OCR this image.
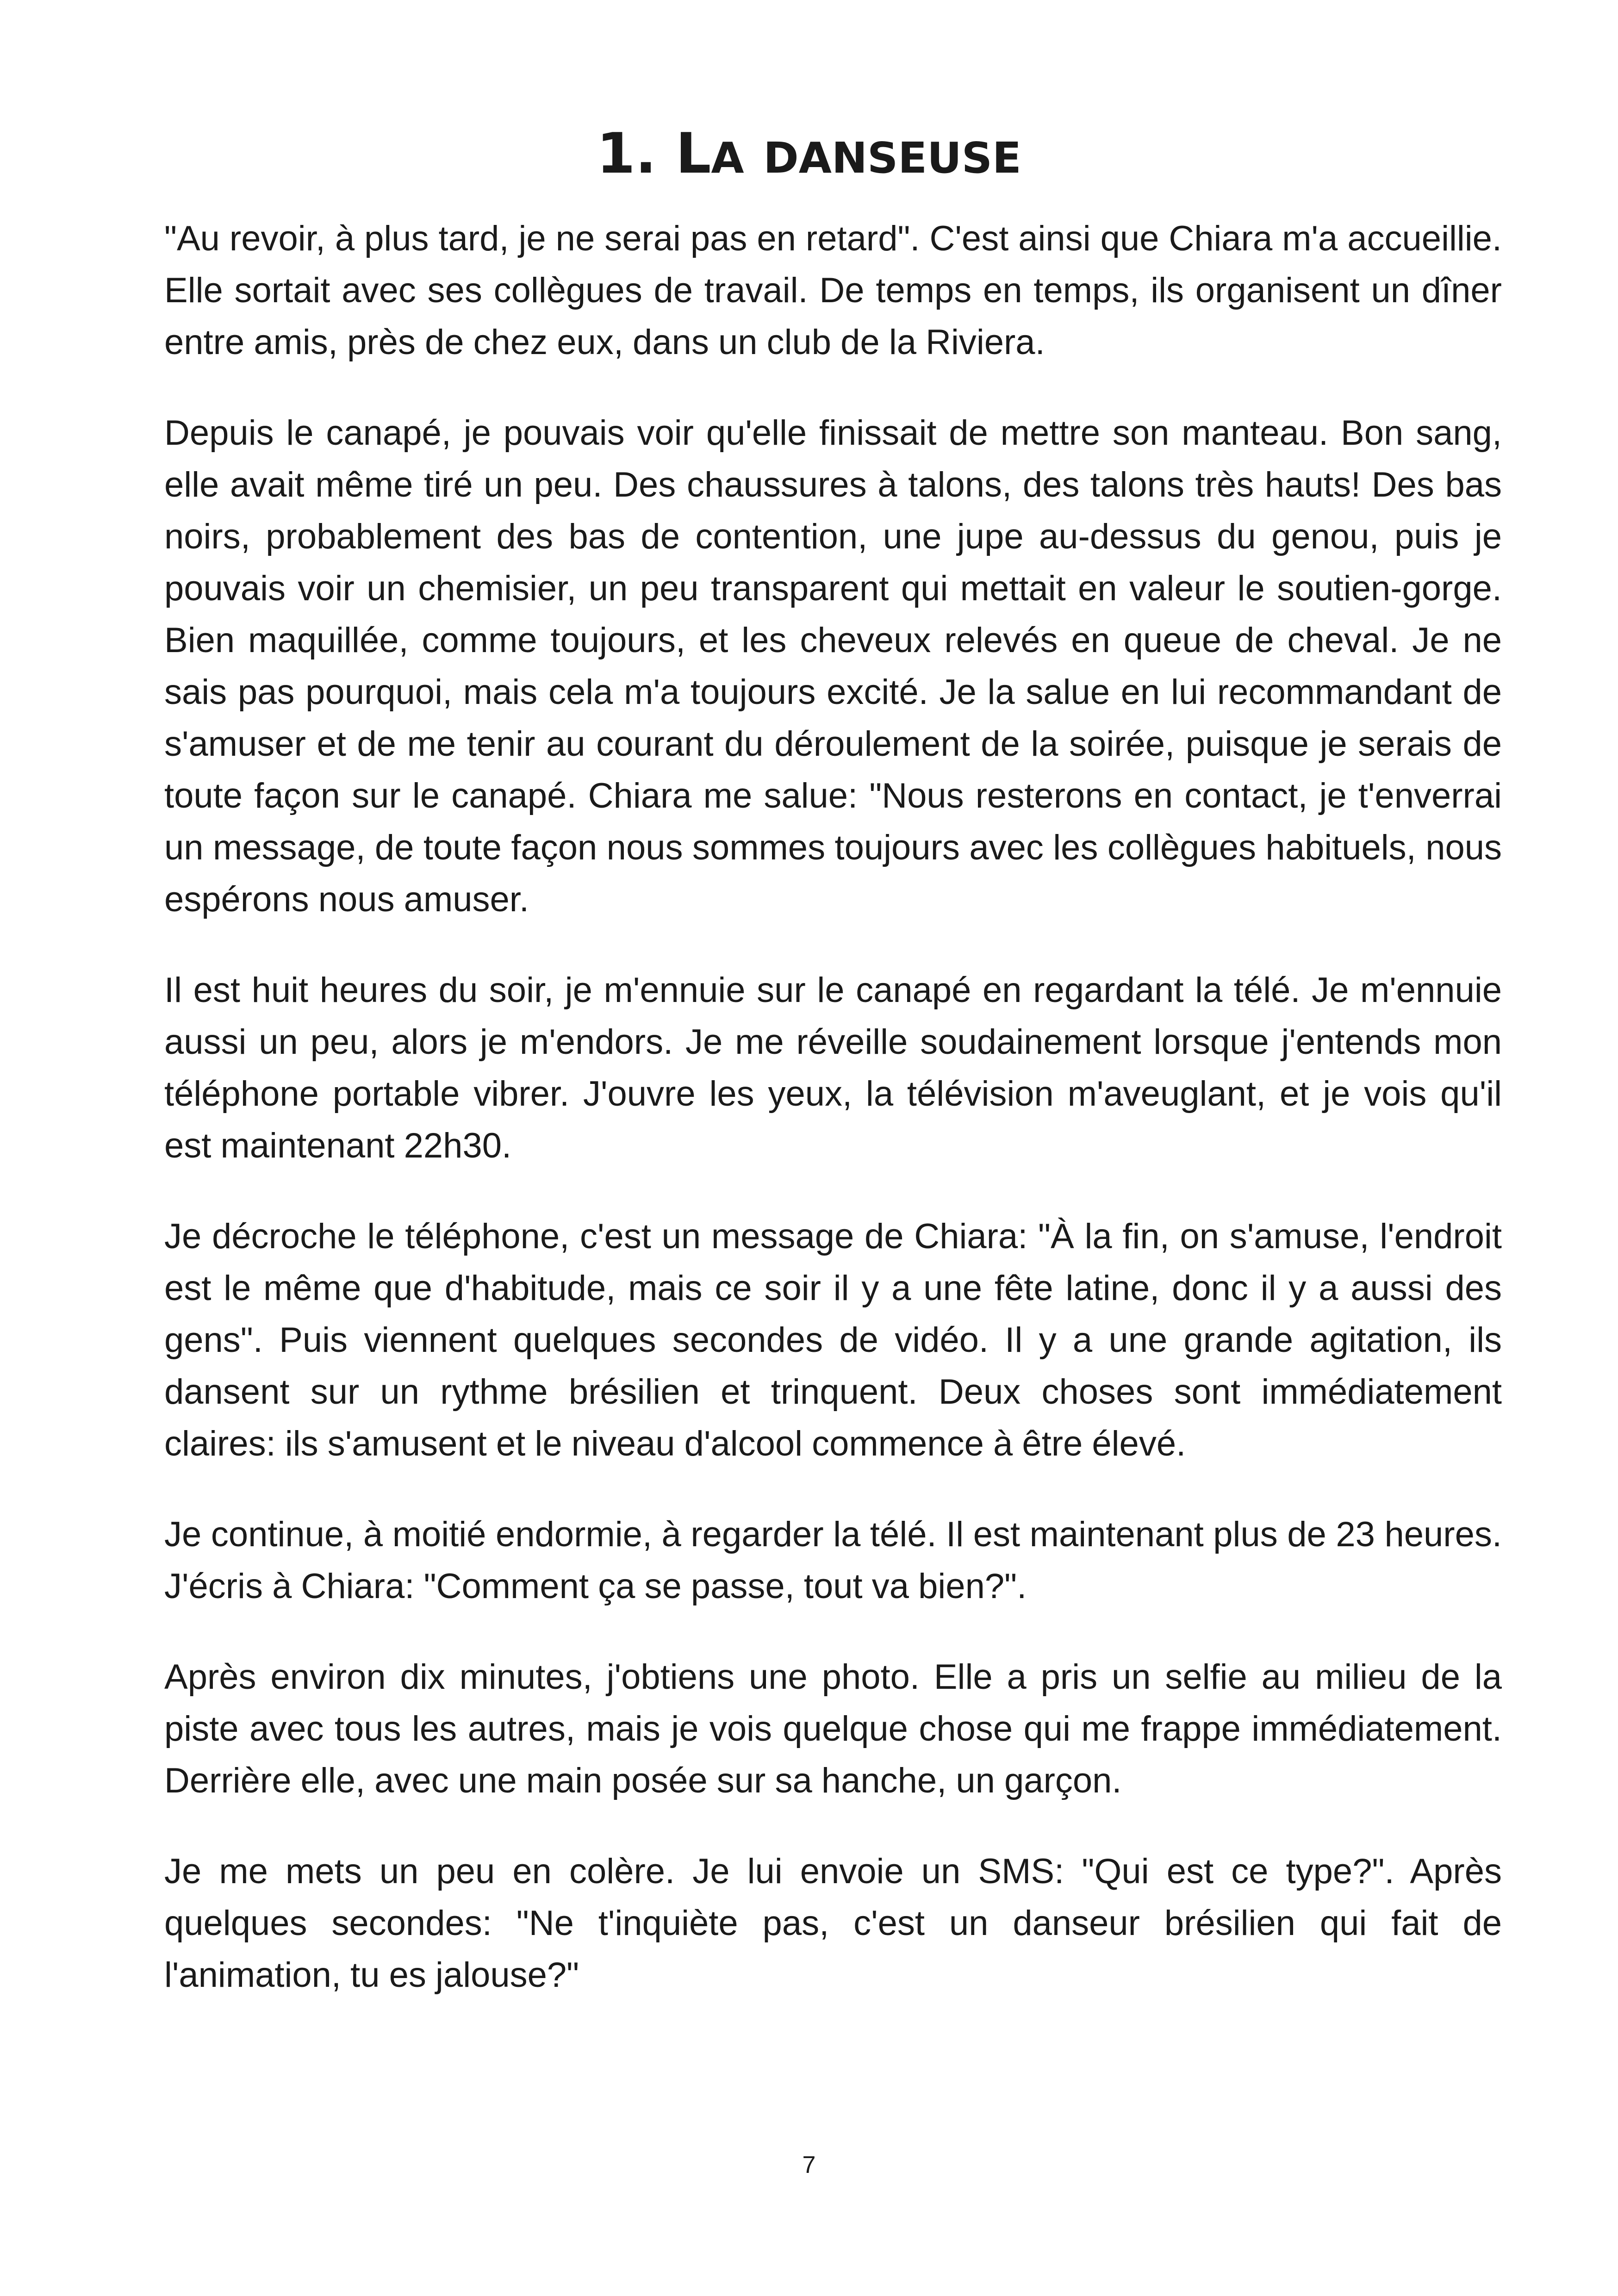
1. LA DANSEUSE

"Au revoir, à plus tard, je ne serai pas en retard". C'est ainsi que Chiara m'a accueillie. Elle sortait avec ses collègues de travail. De temps en temps, ils organisent un dîner entre amis, près de chez eux, dans un club de la Riviera.

Depuis le canapé, je pouvais voir qu'elle finissait de mettre son manteau. Bon sang, elle avait même tiré un peu. Des chaussures à talons, des talons très hauts! Des bas noirs, probablement des bas de contention, une jupe au-dessus du genou, puis je pouvais voir un chemisier, un peu transparent qui mettait en valeur le soutien-gorge. Bien maquillée, comme toujours, et les cheveux relevés en queue de cheval. Je ne sais pas pourquoi, mais cela m'a toujours excité. Je la salue en lui recommandant de s'amuser et de me tenir au courant du déroulement de la soirée, puisque je serais de toute façon sur le canapé. Chiara me salue: "Nous resterons en contact, je t'enverrai un message, de toute façon nous sommes toujours avec les collègues habituels, nous espérons nous amuser.

Il est huit heures du soir, je m'ennuie sur le canapé en regardant la télé. Je m'ennuie aussi un peu, alors je m'endors. Je me réveille soudainement lorsque j'entends mon téléphone portable vibrer. J'ouvre les yeux, la télévision m'aveuglant, et je vois qu'il est maintenant 22h30.

Je décroche le téléphone, c'est un message de Chiara: "À la fin, on s'amuse, l'endroit est le même que d'habitude, mais ce soir il y a une fête latine, donc il y a aussi des gens". Puis viennent quelques secondes de vidéo. Il y a une grande agitation, ils dansent sur un rythme brésilien et trinquent. Deux choses sont immédiatement claires: ils s'amusent et le niveau d'alcool commence à être élevé.

Je continue, à moitié endormie, à regarder la télé. Il est maintenant plus de 23 heures. J'écris à Chiara: "Comment ça se passe, tout va bien?".

Après environ dix minutes, j'obtiens une photo. Elle a pris un selfie au milieu de la piste avec tous les autres, mais je vois quelque chose qui me frappe immédiatement. Derrière elle, avec une main posée sur sa hanche, un garçon.

Je me mets un peu en colère. Je lui envoie un SMS: "Qui est ce type?". Après quelques secondes: "Ne t'inquiète pas, c'est un danseur brésilien qui fait de l'animation, tu es jalouse?"

7
